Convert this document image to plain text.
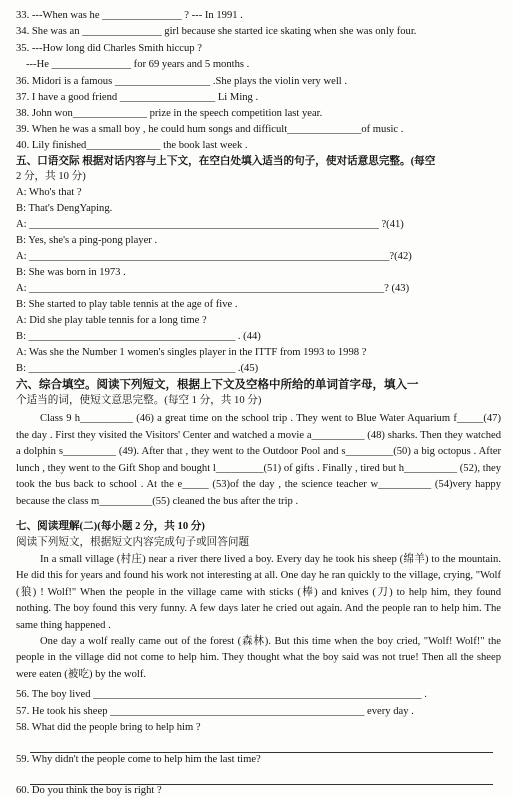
33. ---When was he _______________ ? --- In 1991 .
34. She was an _______________ girl because she started ice skating when she was only four.
35. ---How long did Charles Smith hiccup ?
---He _______________ for 69 years and 5 months .
36. Midori is a famous __________________ .She plays the violin very well .
37. I have a good friend __________________ Li Ming .
38. John won______________ prize in the speech competition last year.
39. When he was a small boy , he could hum songs and difficult______________of music .
40. Lily finished______________ the book last week .
五、口语交际 根据对话内容与上下文，在空白处填入适当的句子，使对话意思完整。(每空
2 分，共 10 分)
A: Who's that ?
B: That's DengYaping.
A: __________________________________________________________________ ?(41)
B: Yes, she's a ping-pong player .
A: ____________________________________________________________________?(42)
B: She was born in 1973 .
A: ___________________________________________________________________? (43)
B: She started to play table tennis at the age of five .
A: Did she play table tennis for a long time ?
B: _______________________________________ . (44)
A: Was she the Number 1 women's singles player in the ITTF from 1993 to 1998 ?
B: _______________________________________ .(45)
六、综合填空。阅读下列短文，根据上下文及空格中所给的单词首字母，填入一
个适当的词，使短文意思完整。(每空 1 分，共 10 分)
Class 9 h__________ (46) a great time on the school trip . They went to Blue Water Aquarium f_____(47) the day . First they visited the Visitors' Center and watched a movie a__________ (48) sharks. Then they watched a dolphin s__________ (49). After that , they went to the Outdoor Pool and s_________(50) a big octopus . After lunch , they went to the Gift Shop and bought l_________(51) of gifts . Finally , tired but h__________ (52), they took the bus back to school . At the e_____ (53)of the day , the science teacher w__________ (54)very happy because the class m__________(55) cleaned the bus after the trip .
七、阅读理解(二)(每小题 2 分，共 10 分)
阅读下列短文，根据短文内容完成句子或回答问题
In a small village (村庄) near a river there lived a boy. Every day he took his sheep (绵羊) to the mountain. He did this for years and found his work not interesting at all. One day he ran quickly to the village, crying, "Wolf (狼) ! Wolf!" When the people in the village came with sticks (棒) and knives (刀) to help him, they found nothing. The boy found this very funny. A few days later he cried out again. And the people ran to help him. The same thing happened .
One day a wolf really came out of the forest (森林). But this time when the boy cried, "Wolf! Wolf!" the people in the village did not come to help him. They thought what the boy said was not true! Then all the sheep were eaten (被吃) by the wolf.
56. The boy lived ______________________________________________________________ .
57. He took his sheep ________________________________________________ every day .
58. What did the people bring to help him ?
59. Why didn't the people come to help him the last time?
60. Do you think the boy is right ?
